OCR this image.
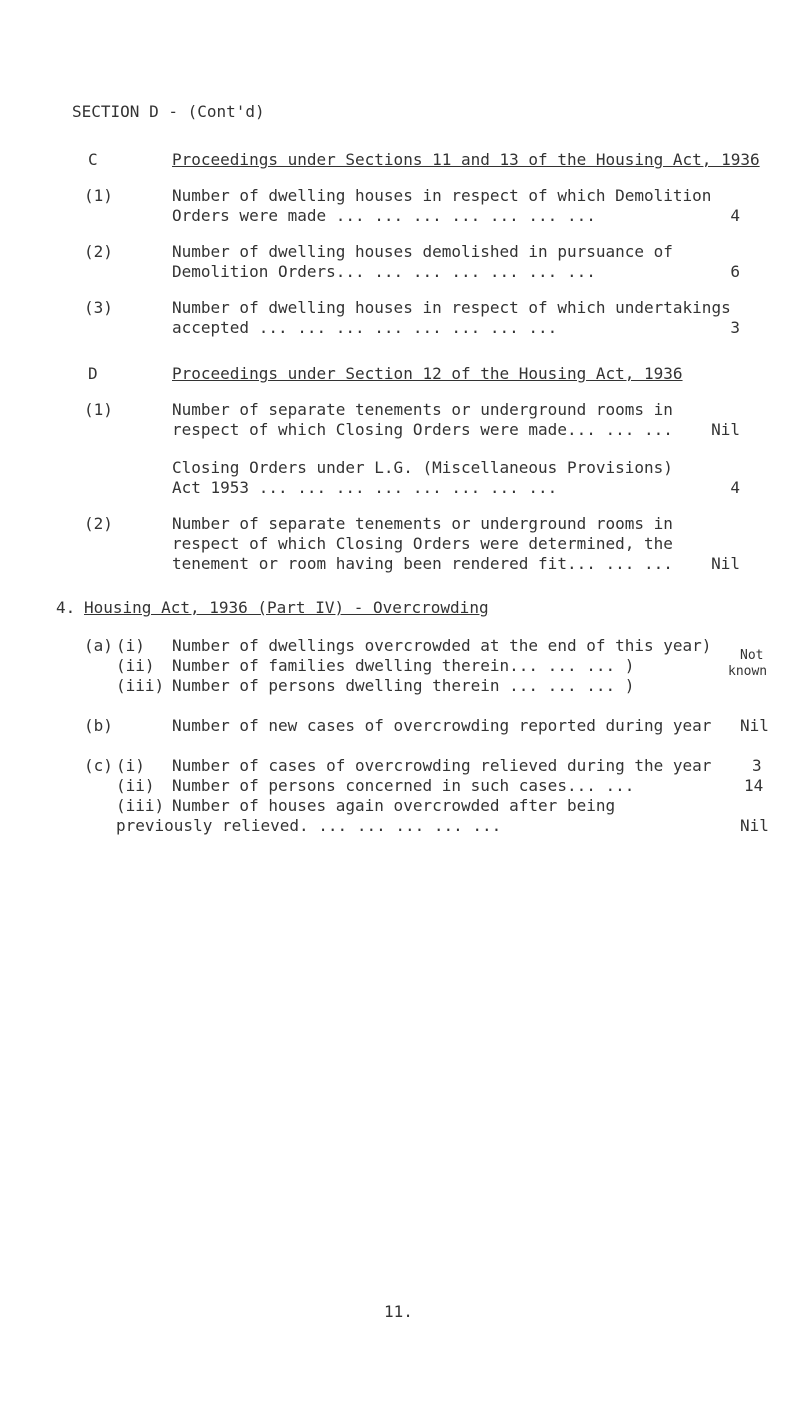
SECTION D - (Cont'd)
C	Proceedings under Sections 11 and 13 of the Housing Act, 1936
(1)	Number of dwelling houses in respect of which Demolition
Orders were made ... ... ... ... ... ... ...	4
(2)	Number of dwelling houses demolished in pursuance of
Demolition Orders... ... ... ... ... ... ...	6
(3)	Number of dwelling houses in respect of which undertakings
accepted ... ... ... ... ... ... ... ...	3
D	Proceedings under Section 12 of the Housing Act, 1936
(1)	Number of separate tenements or underground rooms in
respect of which Closing Orders were made... ... ...	Nil
Closing Orders under L.G. (Miscellaneous Provisions)
Act 1953 ... ... ... ... ... ... ... ...	4
(2)	Number of separate tenements or underground rooms in
respect of which Closing Orders were determined, the
tenement or room having been rendered fit... ... ...	Nil
4. Housing Act, 1936 (Part IV) - Overcrowding
(a) (i) Number of dwellings overcrowded at the end of this year)
(ii) Number of families dwelling therein... ... ... )
(iii) Number of persons dwelling therein ... ... ... )
Not
known
(b)	Number of new cases of overcrowding reported during year Nil
(c) (i) Number of cases of overcrowding relieved during the year	3
(ii) Number of persons concerned in such cases... ...	14
(iii) Number of houses again overcrowded after being
previously relieved. ... ... ... ... ...	Nil
11.
